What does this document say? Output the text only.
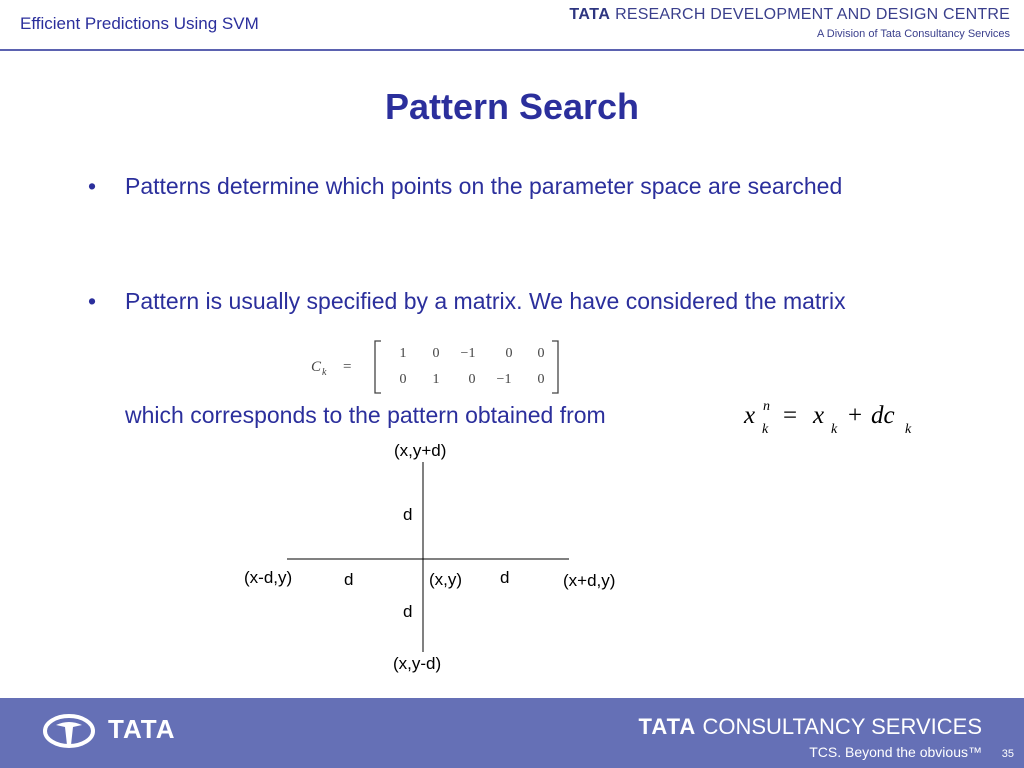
Efficient Predictions Using SVM	TATA RESEARCH DEVELOPMENT AND DESIGN CENTRE
A Division of Tata Consultancy Services
Pattern Search
• Patterns determine which points on the parameter space are searched
• Pattern is usually specified by a matrix. We have considered the matrix
C k =
1 0 −1 0 0
0 1 0 −1 0
which corresponds to the pattern obtained from	x n
k
= x
k
+ dc
k
(x,y+d)
d
(x-d,y)	d	(x,y) d	(x+d,y)
d
(x,y-d)
TATA	TATA CONSULTANCY SERVICES
TCS. Beyond the obvious™ 35
